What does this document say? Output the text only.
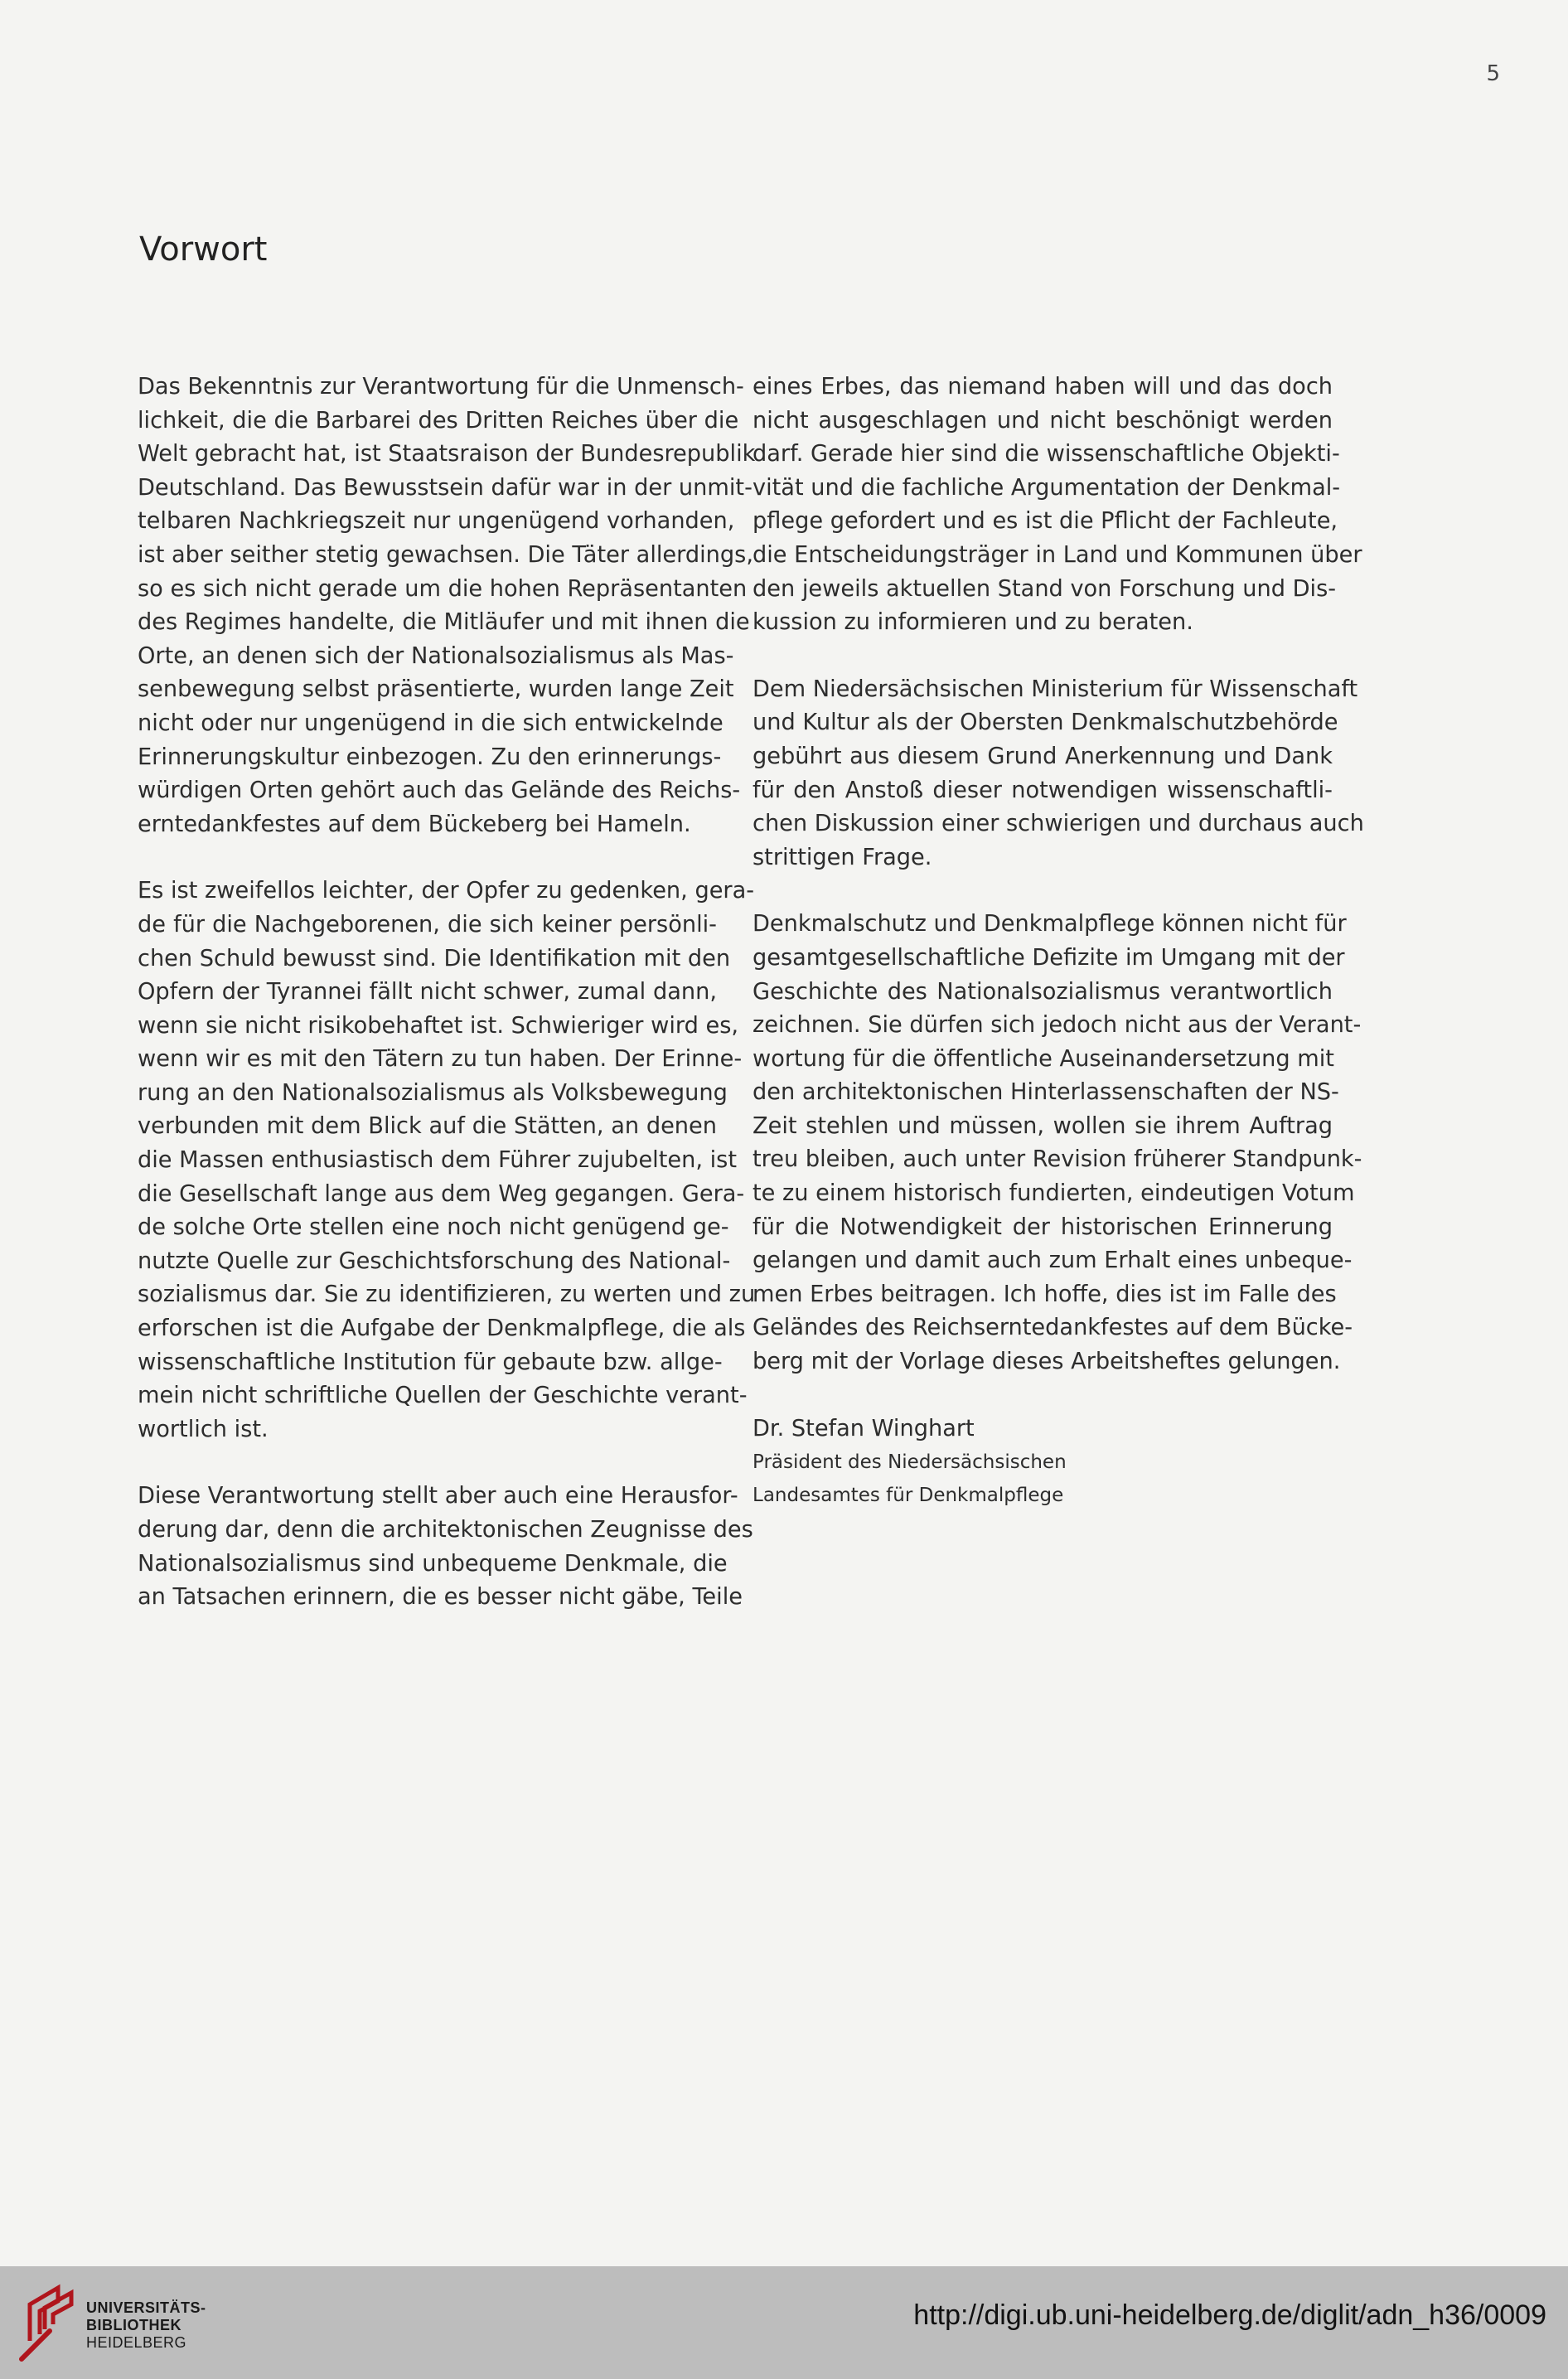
5
Vorwort

Das Bekenntnis zur Verantwortung für die Unmensch-
lichkeit, die die Barbarei des Dritten Reiches über die
Welt gebracht hat, ist Staatsraison der Bundesrepublik
Deutschland. Das Bewusstsein dafür war in der unmit-
telbaren Nachkriegszeit nur ungenügend vorhanden,
ist aber seither stetig gewachsen. Die Täter allerdings,
so es sich nicht gerade um die hohen Repräsentanten
des Regimes handelte, die Mitläufer und mit ihnen die
Orte, an denen sich der Nationalsozialismus als Mas-
senbewegung selbst präsentierte, wurden lange Zeit
nicht oder nur ungenügend in die sich entwickelnde
Erinnerungskultur einbezogen. Zu den erinnerungs-
würdigen Orten gehört auch das Gelände des Reichs-
erntedankfestes auf dem Bückeberg bei Hameln.

Es ist zweifellos leichter, der Opfer zu gedenken, gera-
de für die Nachgeborenen, die sich keiner persönli-
chen Schuld bewusst sind. Die Identifikation mit den
Opfern der Tyrannei fällt nicht schwer, zumal dann,
wenn sie nicht risikobehaftet ist. Schwieriger wird es,
wenn wir es mit den Tätern zu tun haben. Der Erinne-
rung an den Nationalsozialismus als Volksbewegung
verbunden mit dem Blick auf die Stätten, an denen
die Massen enthusiastisch dem Führer zujubelten, ist
die Gesellschaft lange aus dem Weg gegangen. Gera-
de solche Orte stellen eine noch nicht genügend ge-
nutzte Quelle zur Geschichtsforschung des National-
sozialismus dar. Sie zu identifizieren, zu werten und zu
erforschen ist die Aufgabe der Denkmalpflege, die als
wissenschaftliche Institution für gebaute bzw. allge-
mein nicht schriftliche Quellen der Geschichte verant-
wortlich ist.

Diese Verantwortung stellt aber auch eine Herausfor-
derung dar, denn die architektonischen Zeugnisse des
Nationalsozialismus sind unbequeme Denkmale, die
an Tatsachen erinnern, die es besser nicht gäbe, Teile

eines Erbes, das niemand haben will und das doch
nicht ausgeschlagen und nicht beschönigt werden
darf. Gerade hier sind die wissenschaftliche Objekti-
vität und die fachliche Argumentation der Denkmal-
pflege gefordert und es ist die Pflicht der Fachleute,
die Entscheidungsträger in Land und Kommunen über
den jeweils aktuellen Stand von Forschung und Dis-
kussion zu informieren und zu beraten.

Dem Niedersächsischen Ministerium für Wissenschaft
und Kultur als der Obersten Denkmalschutzbehörde
gebührt aus diesem Grund Anerkennung und Dank
für den Anstoß dieser notwendigen wissenschaftli-
chen Diskussion einer schwierigen und durchaus auch
strittigen Frage.

Denkmalschutz und Denkmalpflege können nicht für
gesamtgesellschaftliche Defizite im Umgang mit der
Geschichte des Nationalsozialismus verantwortlich
zeichnen. Sie dürfen sich jedoch nicht aus der Verant-
wortung für die öffentliche Auseinandersetzung mit
den architektonischen Hinterlassenschaften der NS-
Zeit stehlen und müssen, wollen sie ihrem Auftrag
treu bleiben, auch unter Revision früherer Standpunk-
te zu einem historisch fundierten, eindeutigen Votum
für die Notwendigkeit der historischen Erinnerung
gelangen und damit auch zum Erhalt eines unbeque-
men Erbes beitragen. Ich hoffe, dies ist im Falle des
Geländes des Reichserntedankfestes auf dem Bücke-
berg mit der Vorlage dieses Arbeitsheftes gelungen.

Dr. Stefan Winghart
Präsident des Niedersächsischen
Landesamtes für Denkmalpflege
UNIVERSITÄTS-
BIBLIOTHEK
HEIDELBERG
http://digi.ub.uni-heidelberg.de/diglit/adn_h36/0009
